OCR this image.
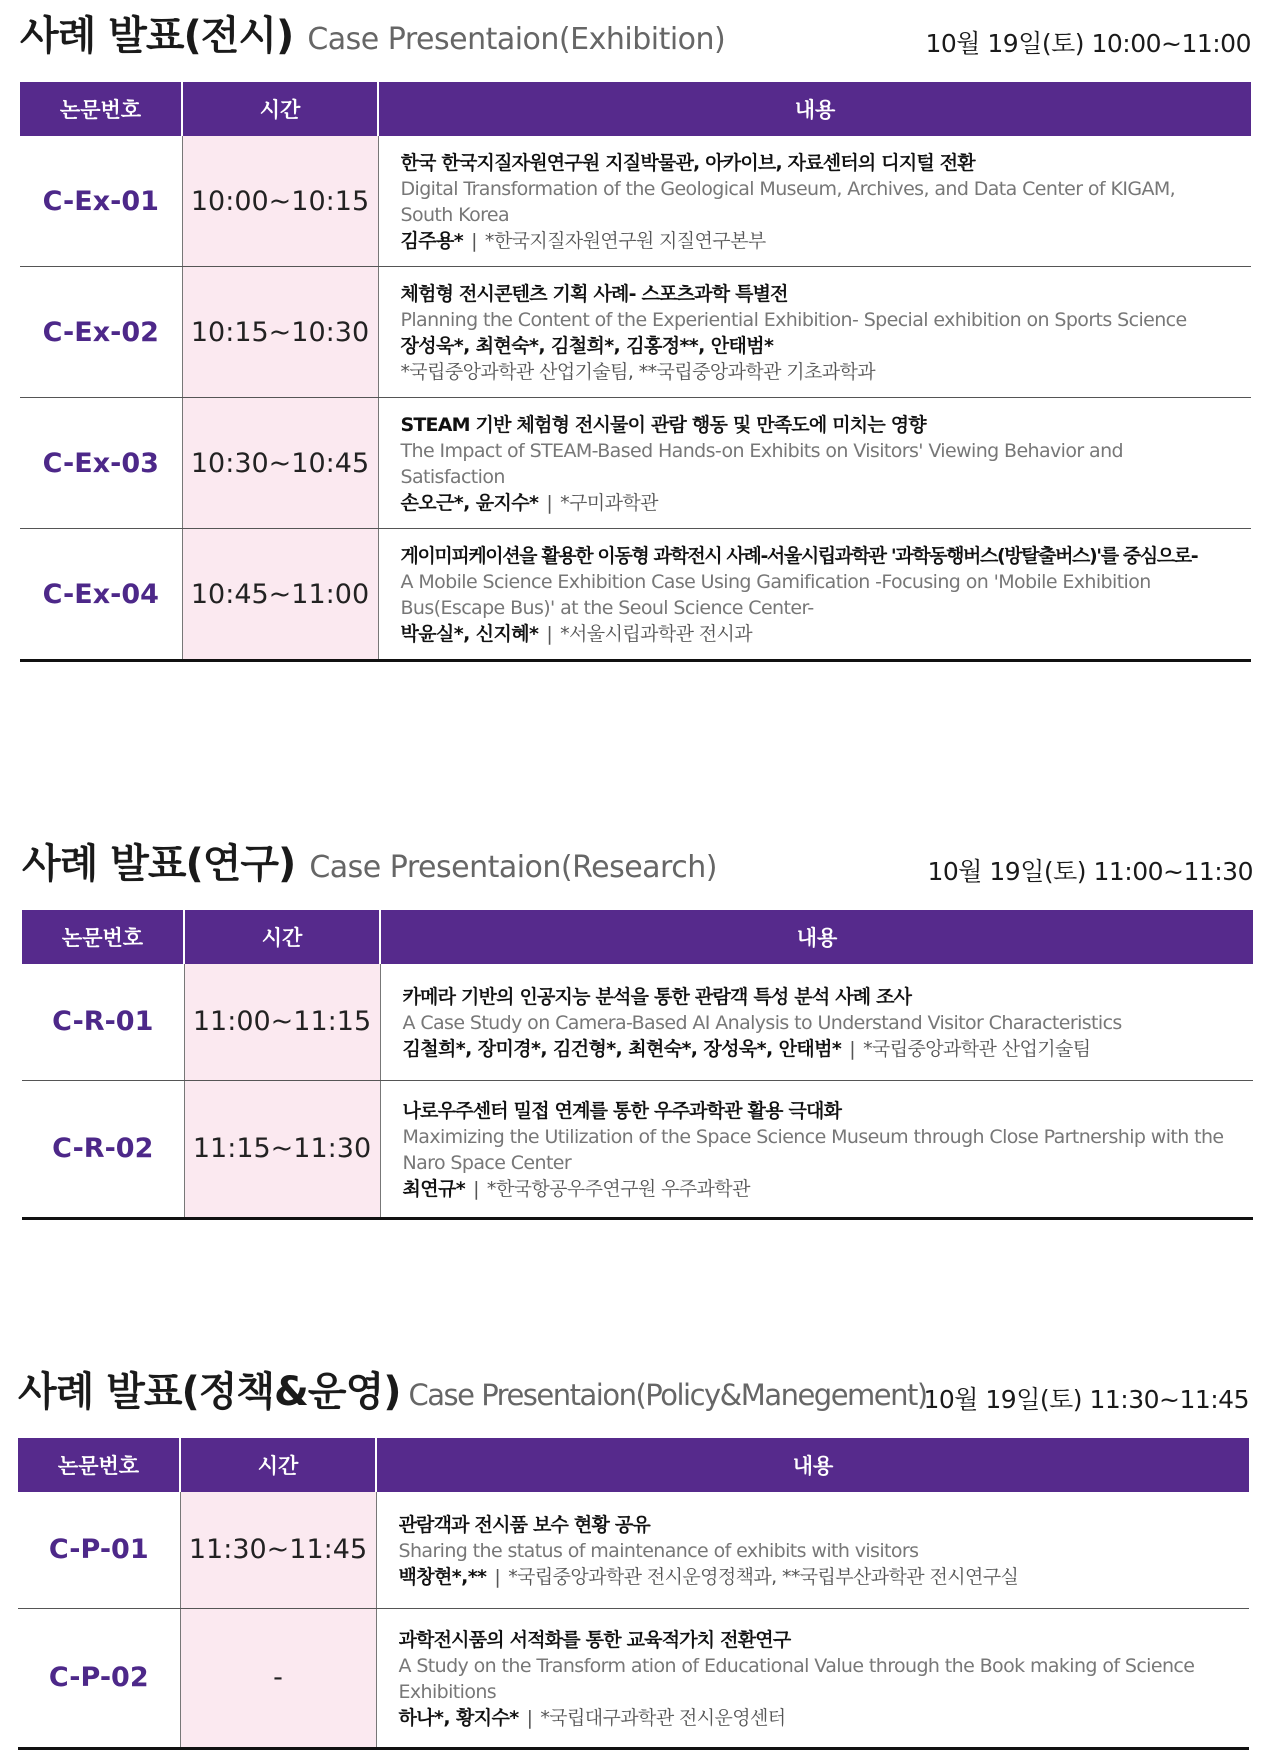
사례 발표(전시) Case Presentaion(Exhibition)	10월 19일(토) 10:00~11:00
논문번호	시간	내용
C-Ex-01	10:00~10:15	한국 한국지질자원연구원 지질박물관, 아카이브, 자료센터의 디지털 전환
Digital Transformation of the Geological Museum, Archives, and Data Center of KIGAM, South Korea
김주용* | *한국지질자원연구원 지질연구본부

C-Ex-02	10:15~10:30	체험형 전시콘텐츠 기획 사례- 스포츠과학 특별전
Planning the Content of the Experiential Exhibition- Special exhibition on Sports Science
장성욱*, 최현숙*, 김철희*, 김홍정**, 안태범*
*국립중앙과학관 산업기술팀, **국립중앙과학관 기초과학과

C-Ex-03	10:30~10:45	STEAM 기반 체험형 전시물이 관람 행동 및 만족도에 미치는 영향
The Impact of STEAM-Based Hands-on Exhibits on Visitors' Viewing Behavior and Satisfaction
손오근*, 윤지수* | *구미과학관

C-Ex-04	10:45~11:00	게이미피케이션을 활용한 이동형 과학전시 사례-서울시립과학관 '과학동행버스(방탈출버스)'를 중심으로-
A Mobile Science Exhibition Case Using Gamification -Focusing on 'Mobile Exhibition Bus(Escape Bus)' at the Seoul Science Center-
박윤실*, 신지혜* | *서울시립과학관 전시과
사례 발표(연구) Case Presentaion(Research)	10월 19일(토) 11:00~11:30
논문번호	시간	내용
C-R-01	11:00~11:15	카메라 기반의 인공지능 분석을 통한 관람객 특성 분석 사례 조사
A Case Study on Camera-Based AI Analysis to Understand Visitor Characteristics
김철희*, 장미경*, 김건형*, 최현숙*, 장성욱*, 안태범* | *국립중앙과학관 산업기술팀

C-R-02	11:15~11:30	나로우주센터 밀접 연계를 통한 우주과학관 활용 극대화
Maximizing the Utilization of the Space Science Museum through Close Partnership with the Naro Space Center
최연규* | *한국항공우주연구원 우주과학관
사례 발표(정책&운영) Case Presentaion(Policy&Manegement)
10월 19일(토) 11:30~11:45
논문번호	시간	내용
C-P-01	11:30~11:45	관람객과 전시품 보수 현황 공유
Sharing the status of maintenance of exhibits with visitors
백창현*,** | *국립중앙과학관 전시운영정책과, **국립부산과학관 전시연구실

C-P-02	-	과학전시품의 서적화를 통한 교육적가치 전환연구
A Study on the Transform ation of Educational Value through the Book making of Science Exhibitions
하나*, 황지수* | *국립대구과학관 전시운영센터
